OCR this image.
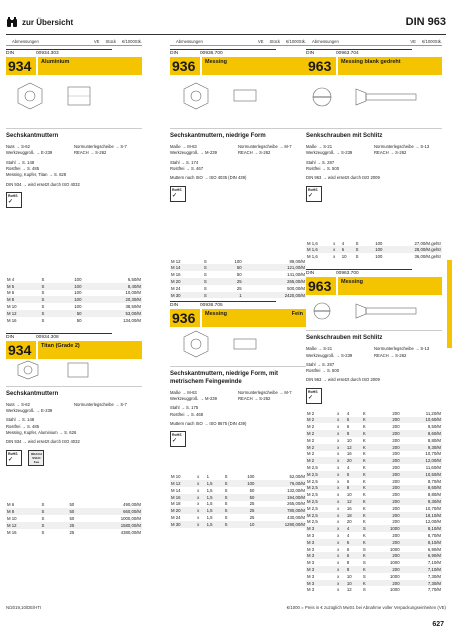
zur Übersicht	DIN 963
Abmessungen	VE Stück €/1000Stk.
DIN	00934.303
934	Aluminium
Sechskantmuttern
Nuts → S-62	Normunterlegscheibe → S-7
Werkzeuggroß. → E-239	REACH → S-262
Stahl → S. 148
Rostfrei → S. 485
Messing, Kupfer, Titan → S. 628
DIN 934 → wird ersetzt durch ISO 4032
RoHS
✓
M 4	S	100	6,50/M
M 5	S	100	8,40/M
M 6	S	100	10,00/M
M 8	S	100	20,30/M
M 10	S	100	38,50/M
M 12	S	50	53,00/M
M 16	S	50	134,00/M
DIN	00934.308
934	Titan (Grade 2)
Sechskantmuttern
Nuts → S-62	Normunterlegscheibe → S-7
Werkzeuggroß. → E-239
Stahl → S. 148
Rostfrei → S. 485
Messing, Kupfer, Aluminium → S. 626
DIN 934 → wird ersetzt durch ISO 4032
RoHS
✓
REACH SVHC free
M 6	S	50	490,00/M
M 8	S	50	660,00/M
M 10	S	50	1000,00/M
M 12	S	25	1580,00/M
M 16	S	25	4380,00/M
Abmessungen	VE Stück €/1000Stk.
DIN	00936.700
936	Messing
Sechskantmuttern, niedrige Form
Maße → M-63	Normunterlegscheibe → M-7
Werkzeuggroß. → M-239	REACH → S-262
Stahl → S. 174
Rostfrei → S. 467
Muttern nach ISO → ISO 4035 (DIN 439)
RoHS
✓
M 12	S	100	89,00/M
M 14	S	50	121,00/M
M 16	S	50	141,00/M
M 20	S	25	265,00/M
M 24	S	25	500,00/M
M 30	S	1	2420,00/M
DIN	00936.705
936	Messing	Fein
Sechskantmuttern, niedrige Form, mit metrischem Feingewinde
Maße → M-63	Normunterlegscheibe → M-7
Werkzeuggroß. → M-239	REACH → S-262
Stahl → S. 175
Rostfrei → S. 468
Muttern nach ISO → ISO 8675 (DIN 439)
RoHS
✓
M 10	x	1	S	100	52,00/M
M 12	x	1,5	S	100	76,00/M
M 14	x	1,5	S	50	132,00/M
M 16	x	1,5	S	50	194,00/M
M 18	x	1,5	S	25	265,00/M
M 20	x	1,5	S	25	780,00/M
M 24	x	1,5	S	25	430,00/M
M 30	x	1,5	S	10	1290,00/M
Abmessungen	VE €/1000Stk.
DIN	00963.704
963	Messing blank gedreht
Senkschrauben mit Schlitz
Maße → S-21	Normunterlegscheibe → S-13
Werkzeuggroß. → S-239	REACH → S-262
Stahl → S. 287
Rostfrei → S. 500
DIN 963 → wird ersetzt durch ISO 2009
RoHS
✓
M 1,6	x	4	S	100	27,00/M.gehtr
M 1,6	x	6	S	100	28,00/M.gehtr
M 1,6	x	10	S	100	36,00/M.gehtr
DIN	00963.700
963	Messing
Senkschrauben mit Schlitz
Maße → S-21	Normunterlegscheibe → S-13
Werkzeuggroß. → S-239	REACH → S-262
Stahl → S. 287
Rostfrei → S. 500
DIN 963 → wird ersetzt durch ISO 2009
RoHS
✓
M 2	x	4	K	200	11,20/M
M 2	x	5	K	200	10,60/M
M 2	x	6	K	200	9,50/M
M 2	x	8	K	200	8,60/M
M 2	x	10	K	200	8,80/M
M 2	x	12	K	200	9,30/M
M 2	x	16	K	200	10,70/M
M 2	x	20	K	200	12,00/M
M 2,5	x	4	K	200	11,60/M
M 2,5	x	5	K	200	10,50/M
M 2,5	x	6	K	200	8,70/M
M 2,5	x	8	K	200	8,60/M
M 2,5	x	10	K	200	8,80/M
M 2,5	x	12	K	200	9,30/M
M 2,5	x	16	K	200	10,70/M
M 2,5	x	18	K	200	18,10/M
M 2,5	x	20	K	200	12,00/M
M 3	x	4	S	1000	8,10/M
M 3	x	4	K	200	8,70/M
M 3	x	5	K	200	8,10/M
M 3	x	6	S	1000	6,90/M
M 3	x	6	K	200	6,90/M
M 3	x	8	S	1000	7,10/M
M 3	x	8	K	200	7,10/M
M 3	x	10	S	1000	7,30/M
M 3	x	10	K	200	7,30/M
M 3	x	12	S	1000	7,70/M
N/2019,10/DE/HTI	€/1000 = Preis in € zuzüglich MwSt. bei Abnahme voller Verpackungseinheiten (VE)
627
